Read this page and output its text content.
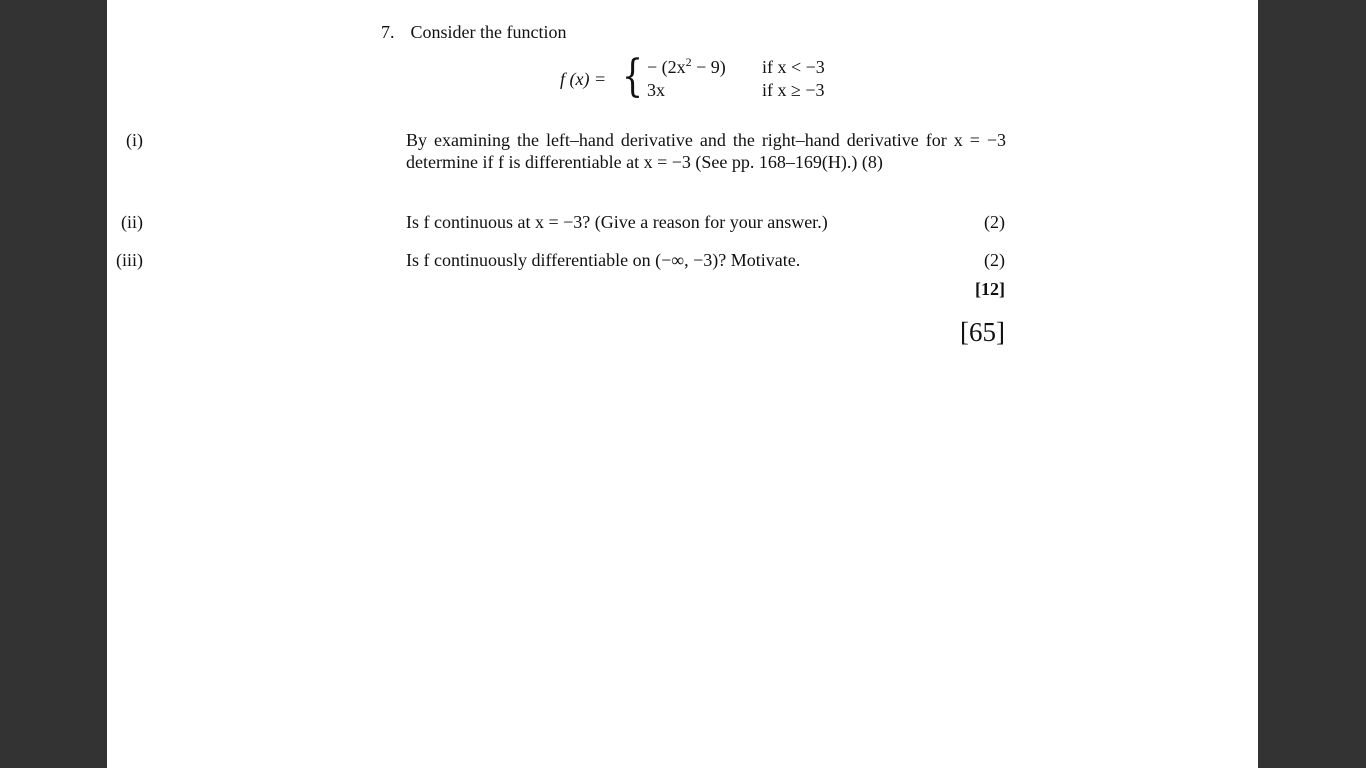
7. Consider the function
f (x) = { − $(2x^2 - 9)$ if x < −3
3x	if x ≥ −3
(i)	By examining the left–hand derivative and the right–hand derivative for x = −3 determine if f is differentiable at x = −3 (See pp. 168–169(H).) (8)
(ii)	Is f continuous at x = −3? (Give a reason for your answer.)	(2)
(iii)	Is f continuously differentiable on (−∞, −3)? Motivate.	(2)
[12]
[65]
